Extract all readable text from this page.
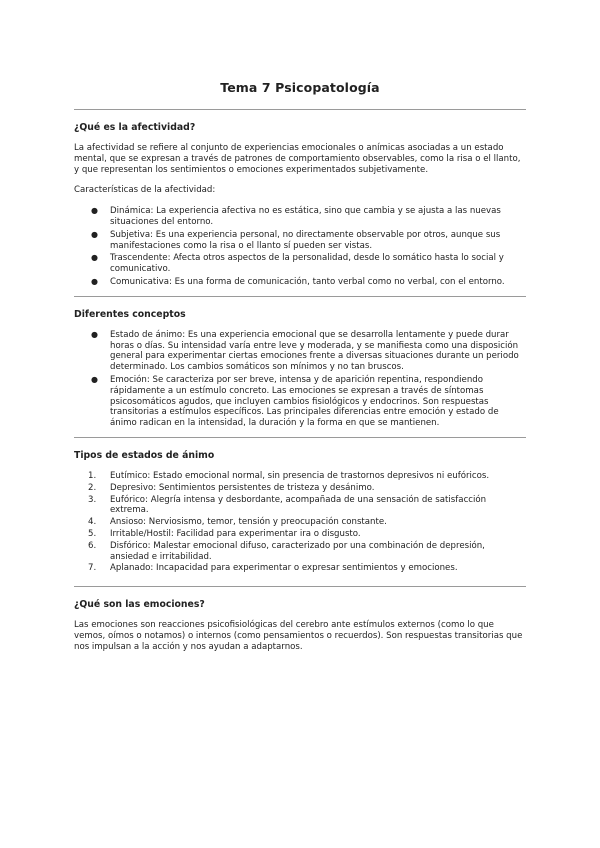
Tema 7 Psicopatología
¿Qué es la afectividad?

La afectividad se refiere al conjunto de experiencias emocionales o anímicas asociadas a un estado mental, que se expresan a través de patrones de comportamiento observables, como la risa o el llanto, y que representan los sentimientos o emociones experimentados subjetivamente.

Características de la afectividad:

● Dinámica: La experiencia afectiva no es estática, sino que cambia y se ajusta a las nuevas situaciones del entorno.
● Subjetiva: Es una experiencia personal, no directamente observable por otros, aunque sus manifestaciones como la risa o el llanto sí pueden ser vistas.
● Trascendente: Afecta otros aspectos de la personalidad, desde lo somático hasta lo social y comunicativo.
● Comunicativa: Es una forma de comunicación, tanto verbal como no verbal, con el entorno.
Diferentes conceptos
● Estado de ánimo: Es una experiencia emocional que se desarrolla lentamente y puede durar horas o días. Su intensidad varía entre leve y moderada, y se manifiesta como una disposición general para experimentar ciertas emociones frente a diversas situaciones durante un periodo determinado. Los cambios somáticos son mínimos y no tan bruscos.
● Emoción: Se caracteriza por ser breve, intensa y de aparición repentina, respondiendo rápidamente a un estímulo concreto. Las emociones se expresan a través de síntomas psicosomáticos agudos, que incluyen cambios fisiológicos y endocrinos. Son respuestas transitorias a estímulos específicos. Las principales diferencias entre emoción y estado de ánimo radican en la intensidad, la duración y la forma en que se mantienen.
Tipos de estados de ánimo
1. Eutímico: Estado emocional normal, sin presencia de trastornos depresivos ni eufóricos.
2. Depresivo: Sentimientos persistentes de tristeza y desánimo.
3. Eufórico: Alegría intensa y desbordante, acompañada de una sensación de satisfacción extrema.
4. Ansioso: Nerviosismo, temor, tensión y preocupación constante.
5. Irritable/Hostil: Facilidad para experimentar ira o disgusto.
6. Disfórico: Malestar emocional difuso, caracterizado por una combinación de depresión, ansiedad e irritabilidad.
7. Aplanado: Incapacidad para experimentar o expresar sentimientos y emociones.
¿Qué son las emociones?

Las emociones son reacciones psicofisiológicas del cerebro ante estímulos externos (como lo que vemos, oímos o notamos) o internos (como pensamientos o recuerdos). Son respuestas transitorias que nos impulsan a la acción y nos ayudan a adaptarnos.
